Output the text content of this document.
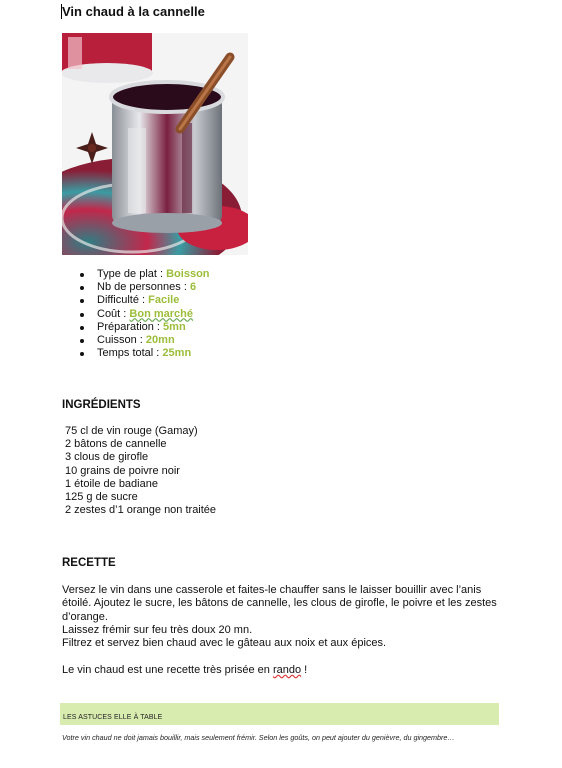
Vin chaud à la cannelle
Type de plat : Boisson
Nb de personnes : 6
Difficulté : Facile
Coût : Bon marché
Préparation : 5mn
Cuisson : 20mn
Temps total : 25mn
INGRÉDIENTS
75 cl de vin rouge (Gamay)
2 bâtons de cannelle
3 clous de girofle
10 grains de poivre noir
1 étoile de badiane
125 g de sucre
2 zestes d’1 orange non traitée
RECETTE

Versez le vin dans une casserole et faites-le chauffer sans le laisser bouillir avec l’anis étoilé. Ajoutez le sucre, les bâtons de cannelle, les clous de girofle, le poivre et les zestes d’orange.

Laissez frémir sur feu très doux 20 mn.

Filtrez et servez bien chaud avec le gâteau aux noix et aux épices.

Le vin chaud est une recette très prisée en rando !

LES ASTUCES ELLE À TABLE

Votre vin chaud ne doit jamais bouillir, mais seulement frémir. Selon les goûts, on peut ajouter du genièvre, du gingembre…
